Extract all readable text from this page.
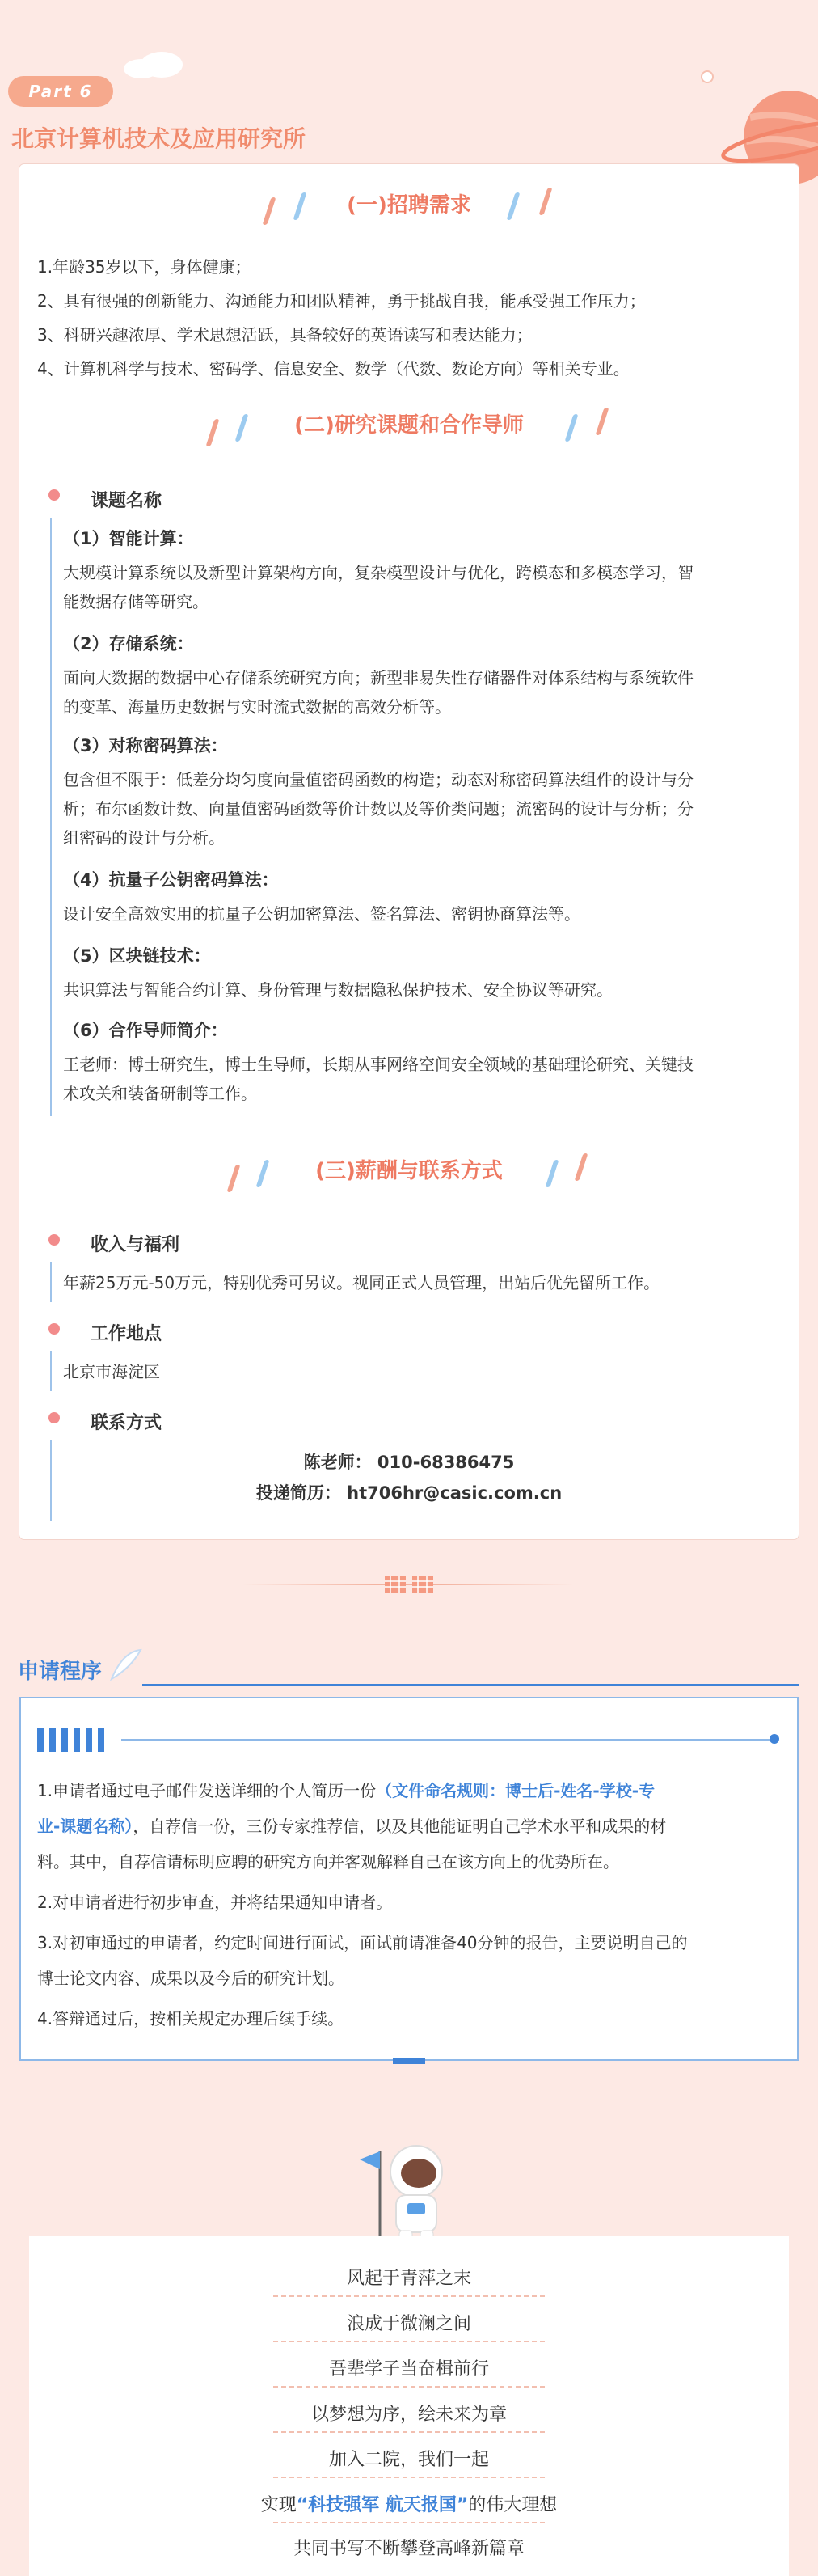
Part 6
北京计算机技术及应用研究所
(一)招聘需求

1.年龄35岁以下，身体健康；

2、具有很强的创新能力、沟通能力和团队精神，勇于挑战自我，能承受强工作压力；

3、科研兴趣浓厚、学术思想活跃，具备较好的英语读写和表达能力；

4、计算机科学与技术、密码学、信息安全、数学（代数、数论方向）等相关专业。

(二)研究课题和合作导师

课题名称

（1）智能计算：

大规模计算系统以及新型计算架构方向，复杂模型设计与优化，跨模态和多模态学习，智

能数据存储等研究。

（2）存储系统：

面向大数据的数据中心存储系统研究方向；新型非易失性存储器件对体系结构与系统软件

的变革、海量历史数据与实时流式数据的高效分析等。

（3）对称密码算法：

包含但不限于：低差分均匀度向量值密码函数的构造；动态对称密码算法组件的设计与分

析；布尔函数计数、向量值密码函数等价计数以及等价类问题；流密码的设计与分析；分

组密码的设计与分析。

（4）抗量子公钥密码算法：

设计安全高效实用的抗量子公钥加密算法、签名算法、密钥协商算法等。

（5）区块链技术：

共识算法与智能合约计算、身份管理与数据隐私保护技术、安全协议等研究。

（6）合作导师简介：

王老师：博士研究生，博士生导师，长期从事网络空间安全领域的基础理论研究、关键技

术攻关和装备研制等工作。

(三)薪酬与联系方式

收入与福利

年薪25万元-50万元，特别优秀可另议。视同正式人员管理，出站后优先留所工作。

工作地点

北京市海淀区

联系方式

陈老师： 010-68386475

投递简历： ht706hr@casic.com.cn

申请程序

1.申请者通过电子邮件发送详细的个人简历一份（文件命名规则：博士后-姓名-学校-专

业-课题名称），自荐信一份，三份专家推荐信，以及其他能证明自己学术水平和成果的材

料。其中，自荐信请标明应聘的研究方向并客观解释自己在该方向上的优势所在。

2.对申请者进行初步审查，并将结果通知申请者。

3.对初审通过的申请者，约定时间进行面试，面试前请准备40分钟的报告，主要说明自己的

博士论文内容、成果以及今后的研究计划。

4.答辩通过后，按相关规定办理后续手续。

风起于青萍之末

浪成于微澜之间

吾辈学子当奋楫前行

以梦想为序，绘未来为章

加入二院，我们一起

实现“科技强军 航天报国”的伟大理想

共同书写不断攀登高峰新篇章
